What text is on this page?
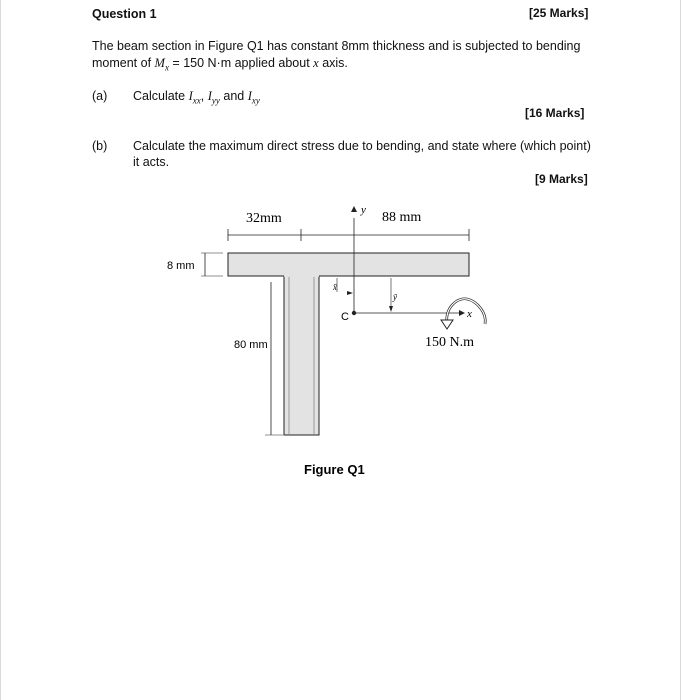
Question 1	[25 Marks]
The beam section in Figure Q1 has constant 8mm thickness and is subjected to bending
moment of $M_x = 150$ N·m applied about x axis.
(a) Calculate $I_{xx}$, $I_{yy}$ and $I_{xy}$
[16 Marks]
(b) Calculate the maximum direct stress due to bending, and state where (which point)
it acts.
[9 Marks]
y
32mm	88 mm
8 mm
80 mm
x̄
ȳ
C	x
150 N.m
Figure Q1
